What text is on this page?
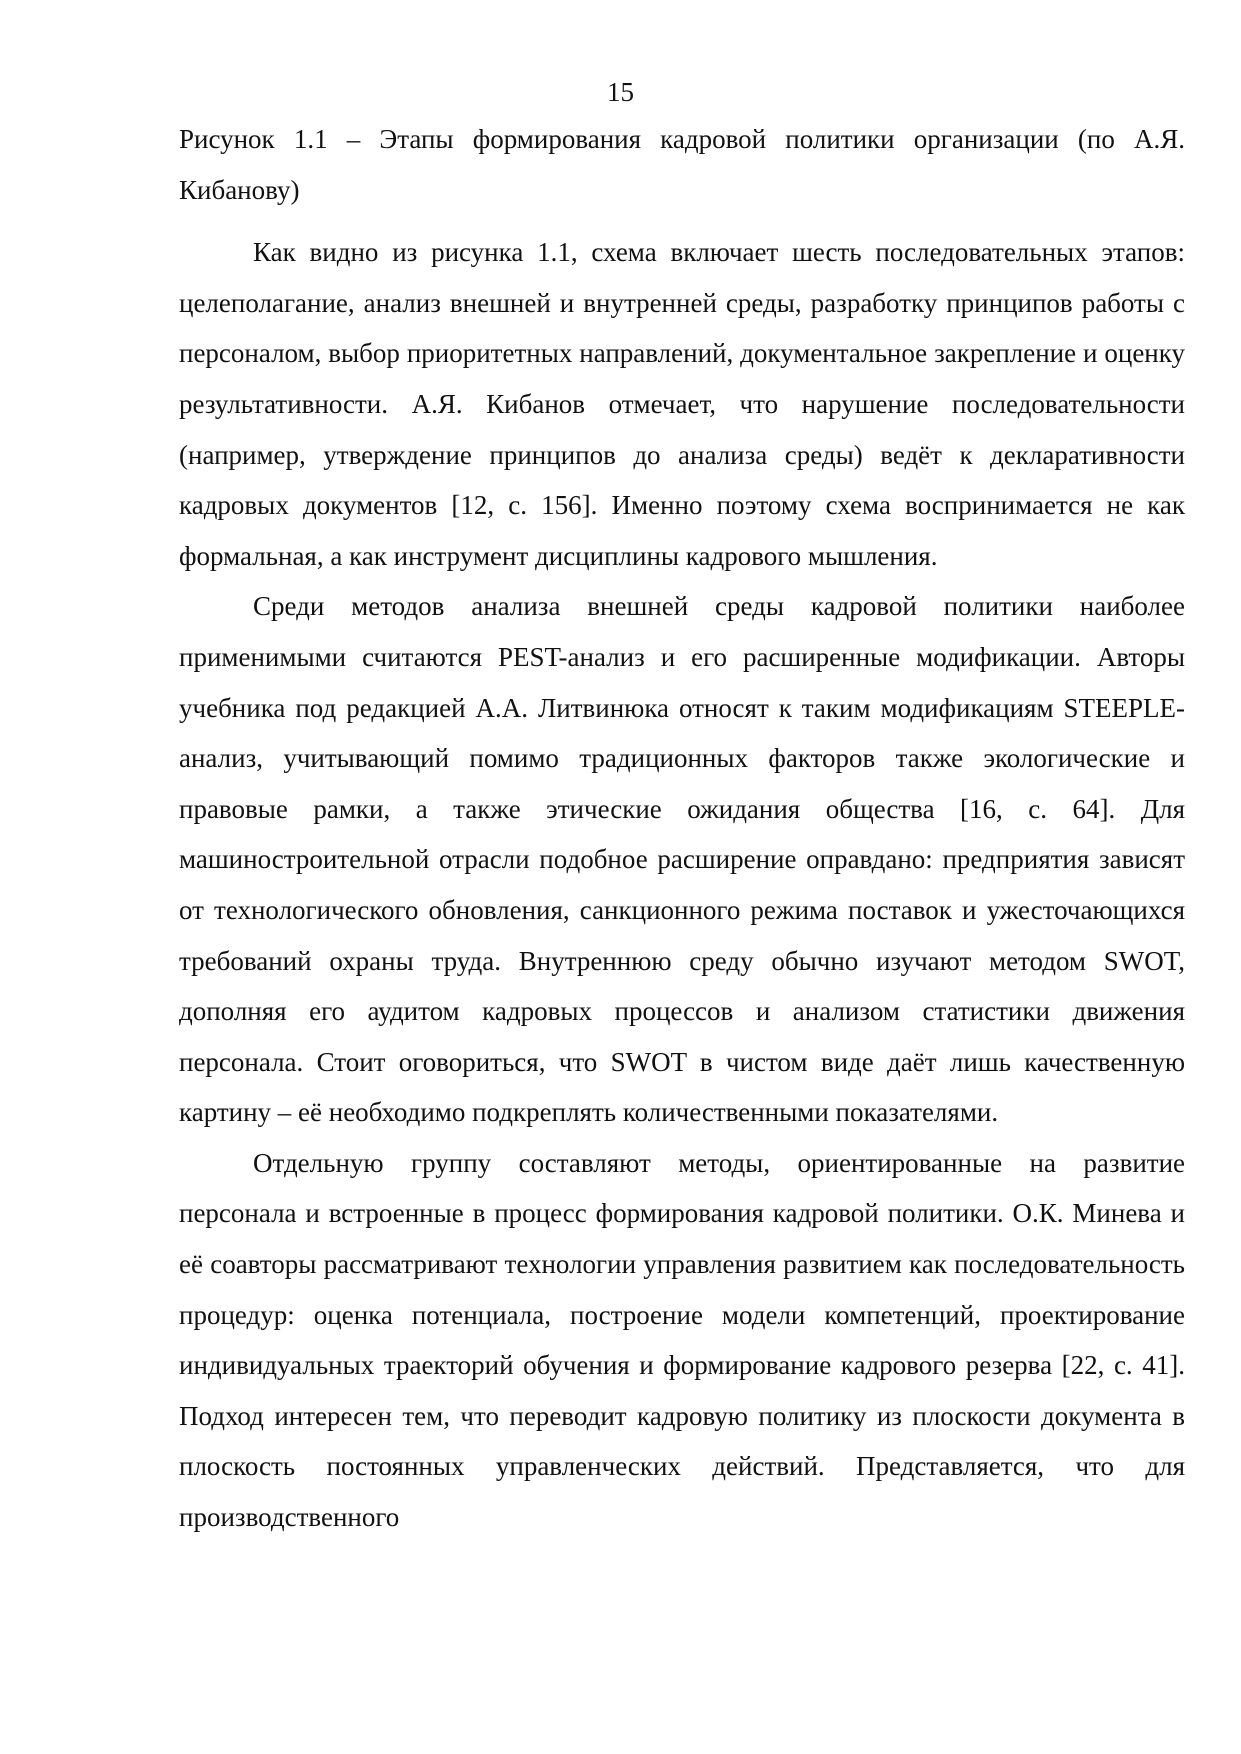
15

Рисунок 1.1 – Этапы формирования кадровой политики организации (по А.Я. Кибанову)

Как видно из рисунка 1.1, схема включает шесть последовательных этапов: целеполагание, анализ внешней и внутренней среды, разработку принципов работы с персоналом, выбор приоритетных направлений, документальное закрепление и оценку результативности. А.Я. Кибанов отмечает, что нарушение последовательности (например, утверждение принципов до анализа среды) ведёт к декларативности кадровых документов [12, с. 156]. Именно поэтому схема воспринимается не как формальная, а как инструмент дисциплины кадрового мышления.

Среди методов анализа внешней среды кадровой политики наиболее применимыми считаются PEST-анализ и его расширенные модификации. Авторы учебника под редакцией А.А. Литвинюка относят к таким модификациям STEEPLE-анализ, учитывающий помимо традиционных факторов также экологические и правовые рамки, а также этические ожидания общества [16, с. 64]. Для машиностроительной отрасли подобное расширение оправдано: предприятия зависят от технологического обновления, санкционного режима поставок и ужесточающихся требований охраны труда. Внутреннюю среду обычно изучают методом SWOT, дополняя его аудитом кадровых процессов и анализом статистики движения персонала. Стоит оговориться, что SWOT в чистом виде даёт лишь качественную картину – её необходимо подкреплять количественными показателями.

Отдельную группу составляют методы, ориентированные на развитие персонала и встроенные в процесс формирования кадровой политики. О.К. Минева и её соавторы рассматривают технологии управления развитием как последовательность процедур: оценка потенциала, построение модели компетенций, проектирование индивидуальных траекторий обучения и формирование кадрового резерва [22, с. 41]. Подход интересен тем, что переводит кадровую политику из плоскости документа в плоскость постоянных управленческих действий. Представляется, что для производственного
